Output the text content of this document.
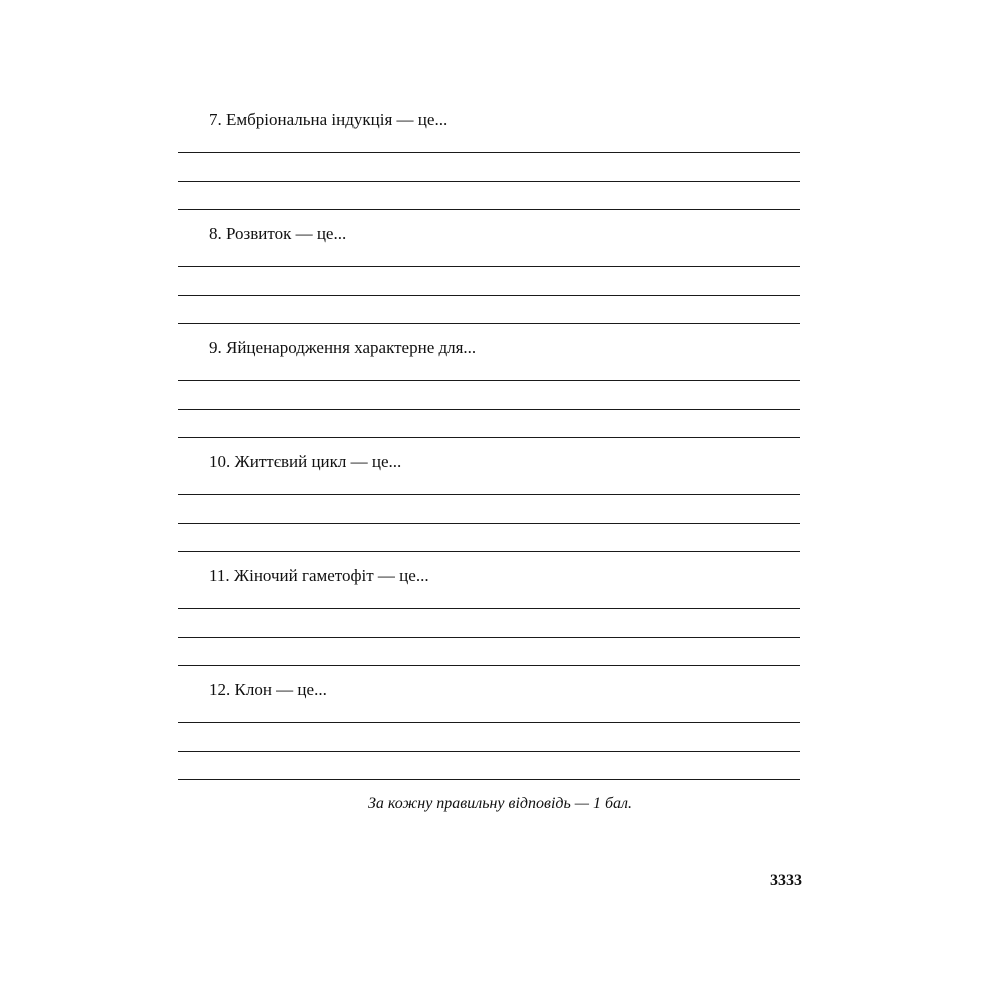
7. Ембріональна індукція — це...
8. Розвиток — це...
9. Яйценародження характерне для...
10. Життєвий цикл — це...
11. Жіночий гаметофіт — це...
12. Клон — це...
За кожну правильну відповідь — 1 бал.
3333
